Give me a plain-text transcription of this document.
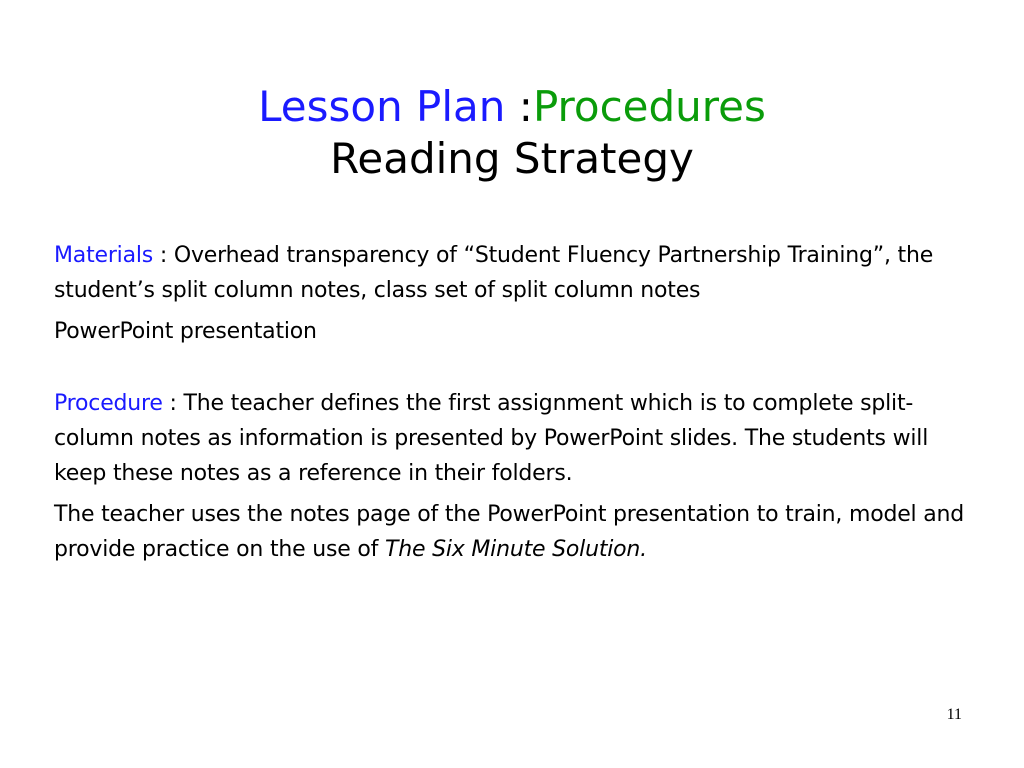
Lesson Plan :Procedures
Reading Strategy

Materials : Overhead transparency of “Student Fluency Partnership Training”, the student’s split column notes, class set of split column notes

PowerPoint presentation

Procedure : The teacher defines the first assignment which is to complete split-column notes as information is presented by PowerPoint slides. The students will keep these notes as a reference in their folders.

The teacher uses the notes page of the PowerPoint presentation to train, model and provide practice on the use of The Six Minute Solution.

11
